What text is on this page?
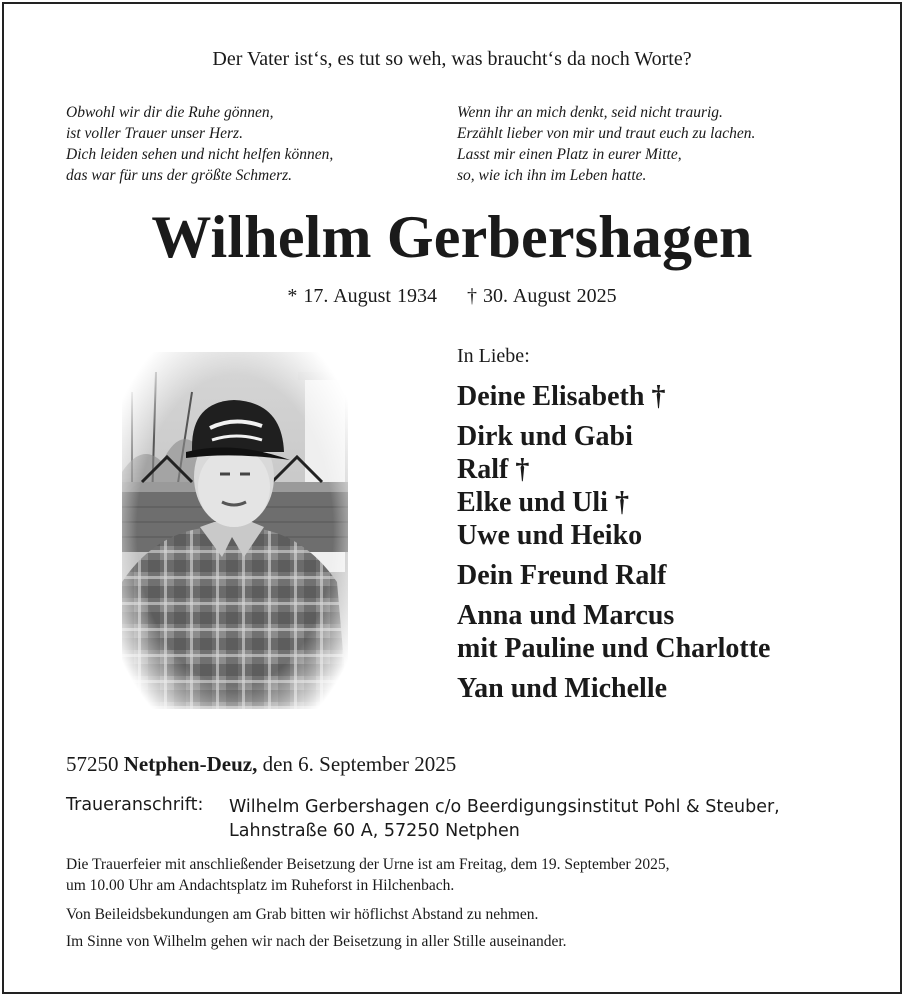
Der Vater ist‘s, es tut so weh, was braucht‘s da noch Worte?
Obwohl wir dir die Ruhe gönnen,
ist voller Trauer unser Herz.
Dich leiden sehen und nicht helfen können,
das war für uns der größte Schmerz.
Wenn ihr an mich denkt, seid nicht traurig.
Erzählt lieber von mir und traut euch zu lachen.
Lasst mir einen Platz in eurer Mitte,
so, wie ich ihn im Leben hatte.
Wilhelm Gerbershagen
* 17. August 1934 † 30. August 2025
In Liebe:
Deine Elisabeth †
Dirk und Gabi
Ralf †
Elke und Uli †
Uwe und Heiko
Dein Freund Ralf
Anna und Marcus
mit Pauline und Charlotte
Yan und Michelle
57250 Netphen-Deuz, den 6. September 2025
Traueranschrift: Wilhelm Gerbershagen c/o Beerdigungsinstitut Pohl & Steuber,
Lahnstraße 60 A, 57250 Netphen
Die Trauerfeier mit anschließender Beisetzung der Urne ist am Freitag, dem 19. September 2025,
um 10.00 Uhr am Andachtsplatz im Ruheforst in Hilchenbach.
Von Beileidsbekundungen am Grab bitten wir höflichst Abstand zu nehmen.
Im Sinne von Wilhelm gehen wir nach der Beisetzung in aller Stille auseinander.
